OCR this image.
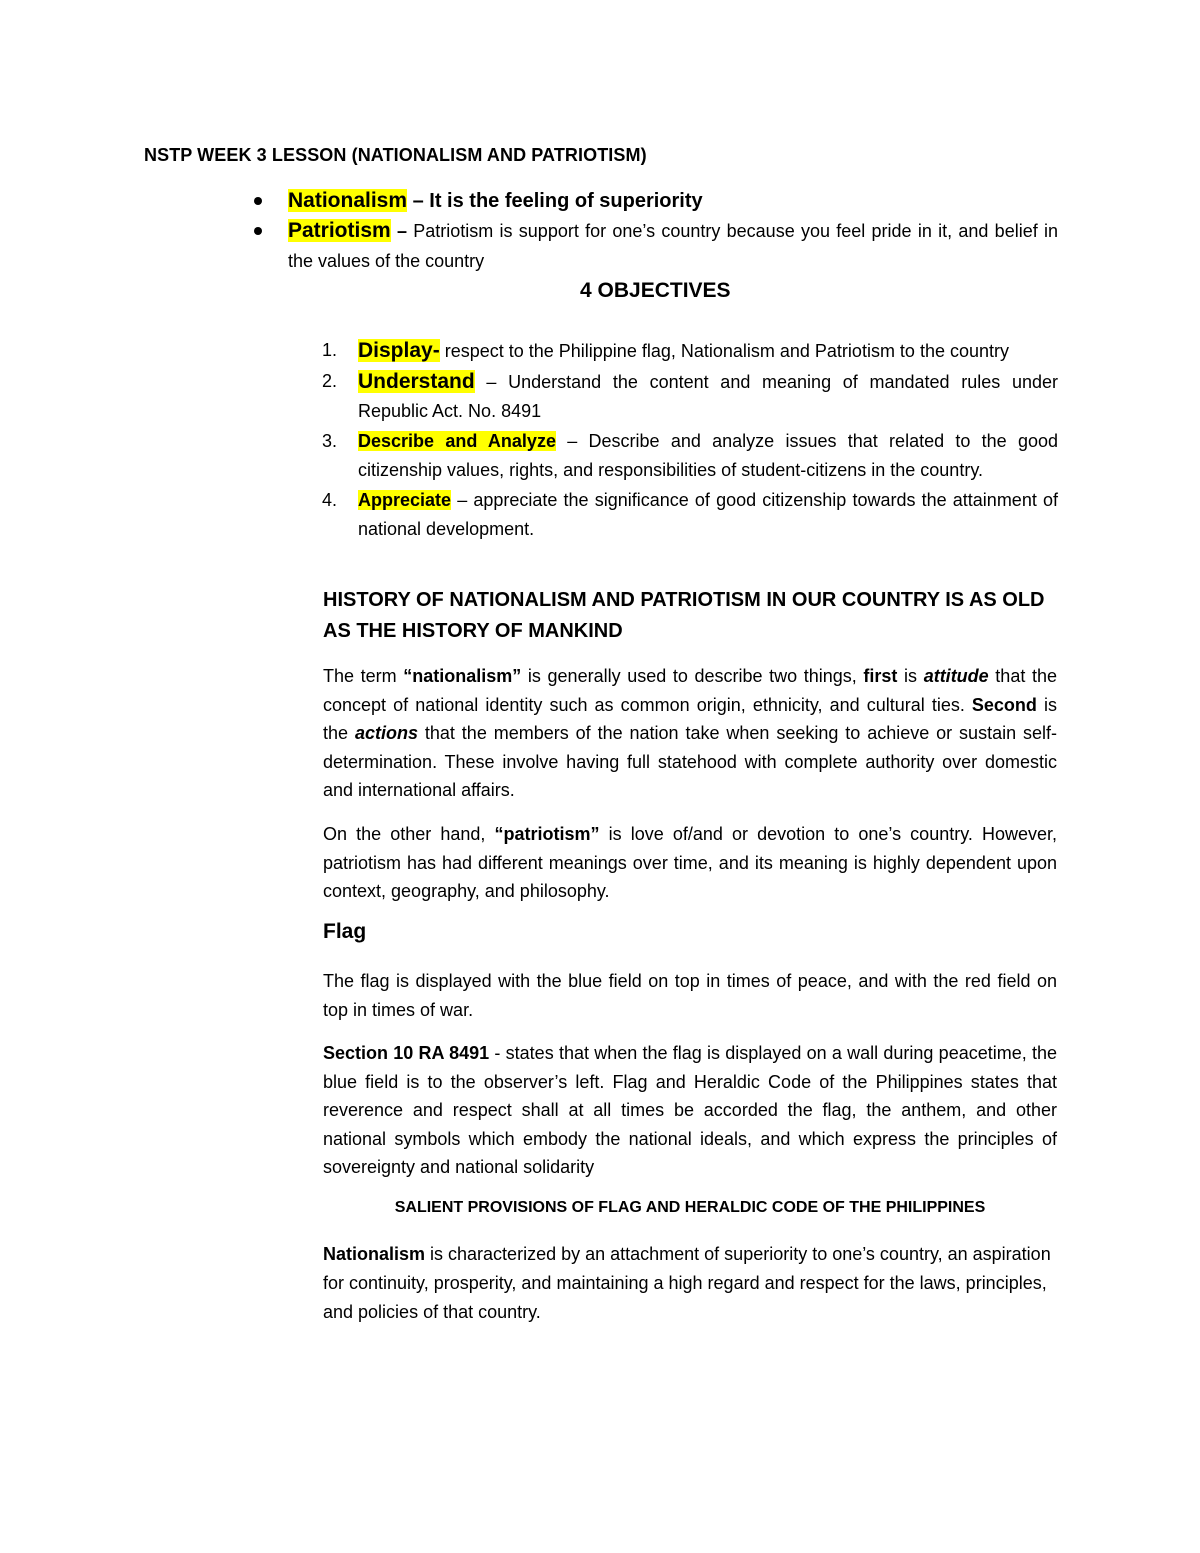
NSTP WEEK 3 LESSON (NATIONALISM AND PATRIOTISM)
Nationalism – It is the feeling of superiority
Patriotism – Patriotism is support for one’s country because you feel pride in it, and belief in the values of the country
4 OBJECTIVES
1. Display- respect to the Philippine flag, Nationalism and Patriotism to the country
2. Understand – Understand the content and meaning of mandated rules under Republic Act. No. 8491
3. Describe and Analyze – Describe and analyze issues that related to the good citizenship values, rights, and responsibilities of student-citizens in the country.
4. Appreciate – appreciate the significance of good citizenship towards the attainment of national development.
HISTORY OF NATIONALISM AND PATRIOTISM IN OUR COUNTRY IS AS OLD AS THE HISTORY OF MANKIND

The term “nationalism” is generally used to describe two things, first is attitude that the concept of national identity such as common origin, ethnicity, and cultural ties. Second is the actions that the members of the nation take when seeking to achieve or sustain self-determination. These involve having full statehood with complete authority over domestic and international affairs.

On the other hand, “patriotism” is love of/and or devotion to one’s country. However, patriotism has had different meanings over time, and its meaning is highly dependent upon context, geography, and philosophy.

Flag

The flag is displayed with the blue field on top in times of peace, and with the red field on top in times of war.

Section 10 RA 8491 - states that when the flag is displayed on a wall during peacetime, the blue field is to the observer’s left. Flag and Heraldic Code of the Philippines states that reverence and respect shall at all times be accorded the flag, the anthem, and other national symbols which embody the national ideals, and which express the principles of sovereignty and national solidarity

SALIENT PROVISIONS OF FLAG AND HERALDIC CODE OF THE PHILIPPINES

Nationalism is characterized by an attachment of superiority to one’s country, an aspiration for continuity, prosperity, and maintaining a high regard and respect for the laws, principles, and policies of that country.
